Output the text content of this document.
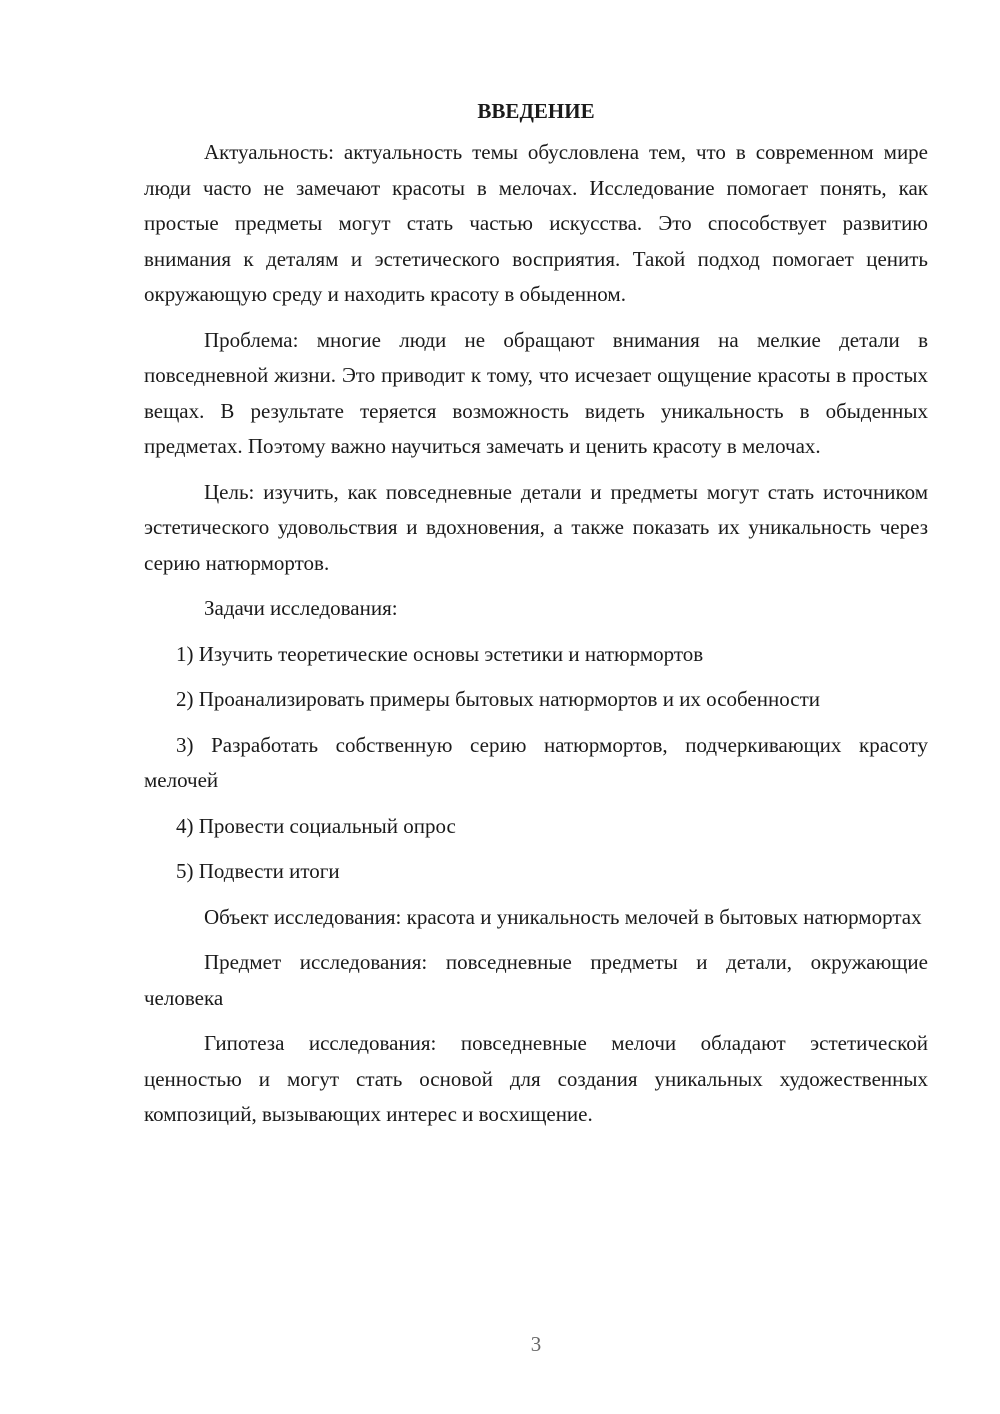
ВВЕДЕНИЕ

Актуальность: актуальность темы обусловлена тем, что в современном мире люди часто не замечают красоты в мелочах. Исследование помогает понять, как простые предметы могут стать частью искусства. Это способствует развитию внимания к деталям и эстетического восприятия. Такой подход помогает ценить окружающую среду и находить красоту в обыденном.

Проблема: многие люди не обращают внимания на мелкие детали в повседневной жизни. Это приводит к тому, что исчезает ощущение красоты в простых вещах. В результате теряется возможность видеть уникальность в обыденных предметах. Поэтому важно научиться замечать и ценить красоту в мелочах.

Цель: изучить, как повседневные детали и предметы могут стать источником эстетического удовольствия и вдохновения, а также показать их уникальность через серию натюрмортов.

Задачи исследования:

1) Изучить теоретические основы эстетики и натюрмортов

2) Проанализировать примеры бытовых натюрмортов и их особенности

3) Разработать собственную серию натюрмортов, подчеркивающих красоту мелочей

4) Провести социальный опрос

5) Подвести итоги

Объект исследования: красота и уникальность мелочей в бытовых натюрмортах

Предмет исследования: повседневные предметы и детали, окружающие человека

Гипотеза исследования: повседневные мелочи обладают эстетической ценностью и могут стать основой для создания уникальных художественных композиций, вызывающих интерес и восхищение.

3
